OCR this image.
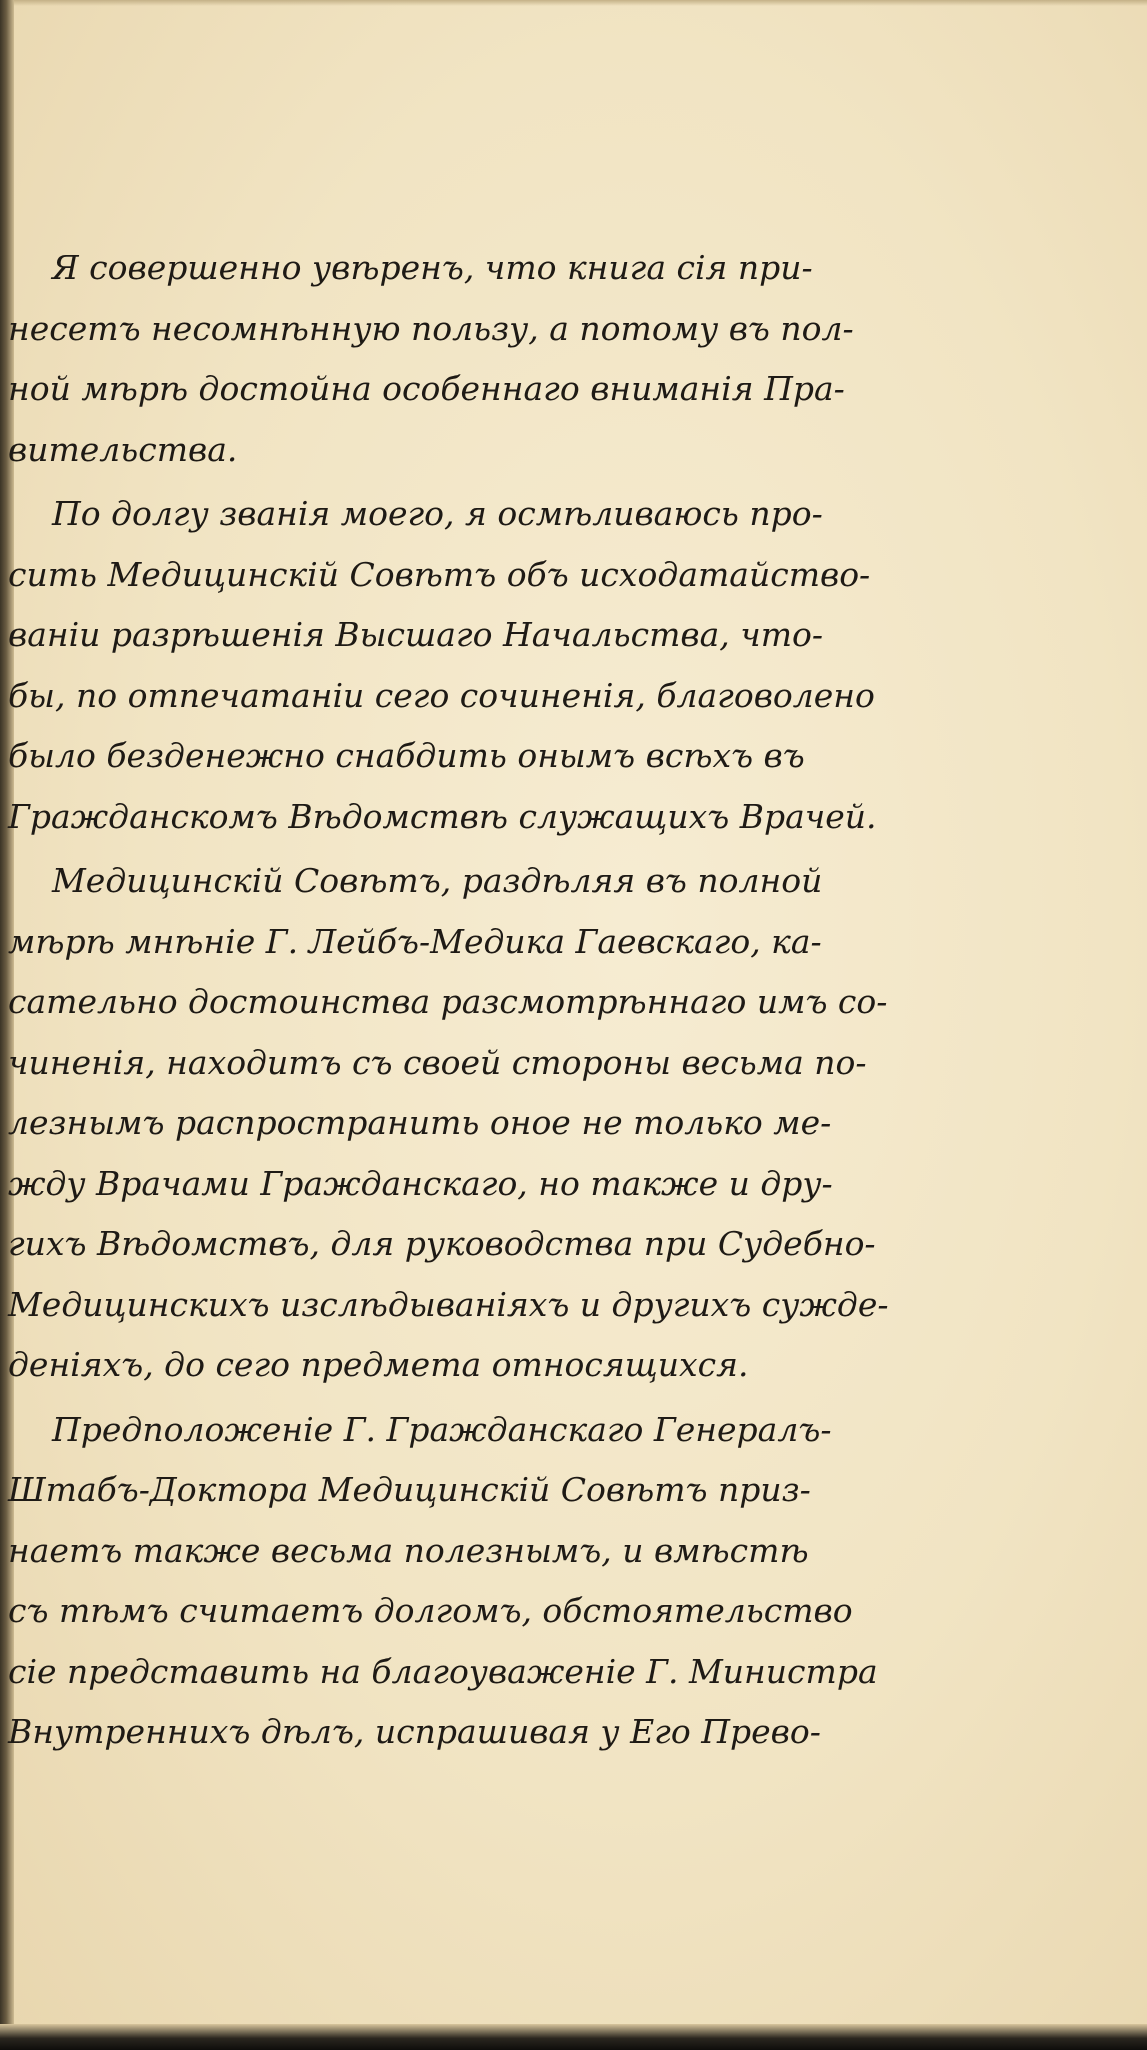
Я совершенно увѣренъ, что книга сія при-
несетъ несомнѣнную пользу, а потому въ пол-
ной мѣрѣ достойна особеннаго вниманія Пра-
вительства.
По долгу званія моего, я осмѣливаюсь про-
сить Медицинскій Совѣтъ объ исходатайство-
ваніи разрѣшенія Высшаго Начальства, что-
бы, по отпечатаніи сего сочиненія, благоволено
было безденежно снабдить онымъ всѣхъ въ
Гражданскомъ Вѣдомствѣ служащихъ Врачей.
Медицинскій Совѣтъ, раздѣляя въ полной
мѣрѣ мнѣніе Г. Лейбъ-Медика Гаевскаго, ка-
сательно достоинства разсмотрѣннаго имъ со-
чиненія, находитъ съ своей стороны весьма по-
лезнымъ распространить оное не только ме-
жду Врачами Гражданскаго, но также и дру-
гихъ Вѣдомствъ, для руководства при Судебно-
Медицинскихъ изслѣдываніяхъ и другихъ сужде-
деніяхъ, до сего предмета относящихся.
Предположеніе Г. Гражданскаго Генералъ-
Штабъ-Доктора Медицинскій Совѣтъ приз-
наетъ также весьма полезнымъ, и вмѣстѣ
съ тѣмъ считаетъ долгомъ, обстоятельство
сіе представить на благоуваженіе Г. Министра
Внутреннихъ дѣлъ, испрашивая у Его Прево-
